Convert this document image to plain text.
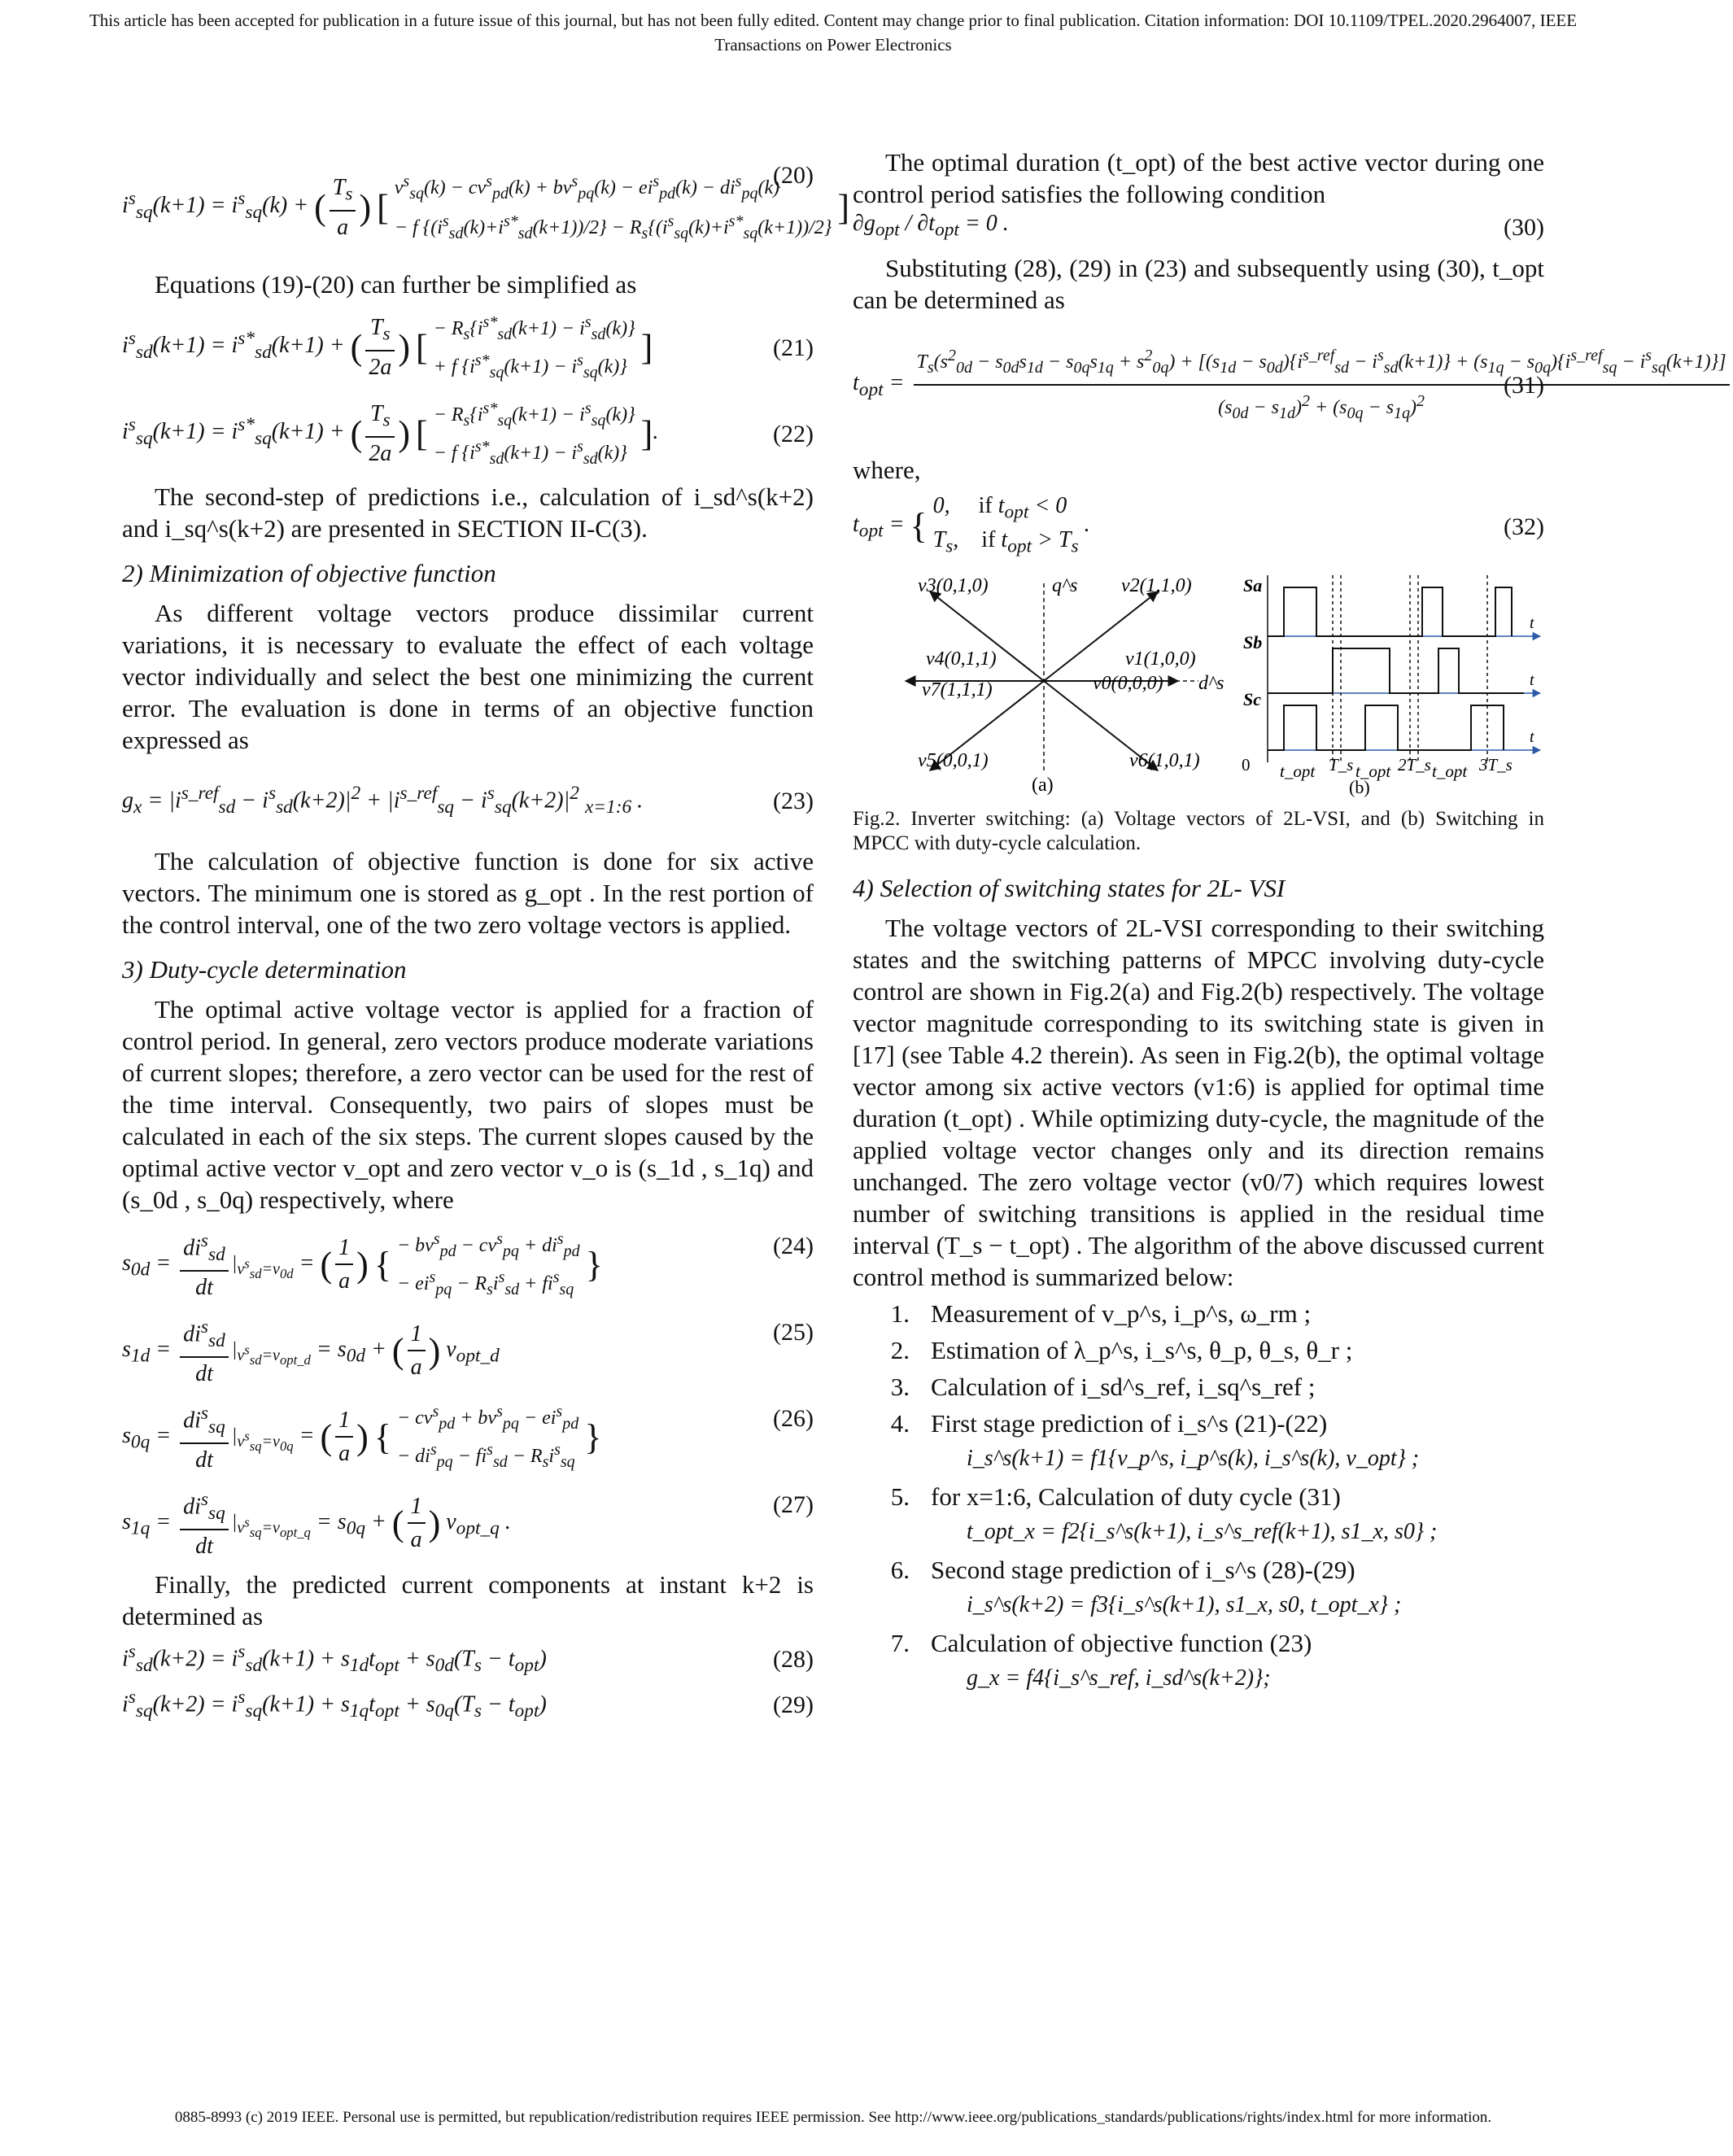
This article has been accepted for publication in a future issue of this journal, but has not been fully edited. Content may change prior to final publication. Citation information: DOI 10.1109/TPEL.2020.2964007, IEEE
Transactions on Power Electronics
$i^s_{sq}(k+1) = i^s_{sq}(k)$ + ( $\frac{T_s}{a}$ ) [ $v^s_{sq}(k) - cv^s_{pd}(k) + bv^s_{pq}(k) - ei^s_{pd}(k) - di^s_{pq}(k)$
− f $\{(i^s_{sd}(k)+i^{s*}_{sd}(k+1))/2\} - R_s\{(i^s_{sq}(k)+i^{s*}_{sq}(k+1))/2\}$
]
(20)

Equations (19)-(20) can further be simplified as

$i^s_{sd}(k+1) = i^{s*}_{sd}(k+1)$ + ( $\frac{T_s}{2a}$ ) [ − $R_s\{i^{s*}_{sd}(k+1) - i^s_{sd}(k)\}$
+ f $\{i^{s*}_{sq}(k+1) - i^s_{sq}(k)\}$ ]	(21)
$i^s_{sq}(k+1) = i^{s*}_{sq}(k+1)$ + ( $\frac{T_s}{2a}$ ) [ − $R_s\{i^{s*}_{sq}(k+1) - i^s_{sq}(k)\}$
− f $\{i^{s*}_{sd}(k+1) - i^s_{sd}(k)\}$ ].	(22)

The second-step of predictions i.e., calculation of i_sd^s(k+2) and i_sq^s(k+2) are presented in SECTION II-C(3).

2) Minimization of objective function

As different voltage vectors produce dissimilar current variations, it is necessary to evaluate the effect of each voltage vector individually and select the best one minimizing the current error. The evaluation is done in terms of an objective function expressed as

$g_x = |i^{s\_ref}_{sd} - i^s_{sd}(k+2)|^2 + |i^{s\_ref}_{sq} - i^s_{sq}(k+2)|^2$ $_{x=1:6}$ .	(23)

The calculation of objective function is done for six active vectors. The minimum one is stored as g_opt . In the rest portion of the control interval, one of the two zero voltage vectors is applied.

3) Duty-cycle determination

The optimal active voltage vector is applied for a fraction of control period. In general, zero vectors produce moderate variations of current slopes; therefore, a zero vector can be used for the rest of the time interval. Consequently, two pairs of slopes must be calculated in each of the six steps. The current slopes caused by the optimal active vector v_opt and zero vector v_o is (s_1d , s_1q) and (s_0d , s_0q) respectively, where

$s_{0d} = \frac{di^s_{sd}}{dt} |_{v^s_{sd}=v_{0d}}$ = ( $\frac{1}{a}$ ) { − $bv^s_{pd} - cv^s_{pq} + di^s_{pd}$
− $ei^s_{pq} - R_si^s_{sd} + fi^s_{sq}$
}	(24)
$s_{1d} = \frac{di^s_{sd}}{dt} |_{v^s_{sd}=v_{opt\_d}} = s_{0d}$ + ( $\frac{1}{a}$ ) $v_{opt\_d}$
(25)
$s_{0q} = \frac{di^s_{sq}}{dt} |_{v^s_{sq}=v_{0q}}$ = ( $\frac{1}{a}$ ) { − $cv^s_{pd} + bv^s_{pq} - ei^s_{pd}$
− $di^s_{pq} - fi^s_{sd} - R_si^s_{sq}$
}	(26)
$s_{1q} = \frac{di^s_{sq}}{dt} |_{v^s_{sq}=v_{opt\_q}} = s_{0q}$ + ( $\frac{1}{a}$ ) $v_{opt\_q}$ .
(27)

Finally, the predicted current components at instant k+2 is determined as

$i^s_{sd}(k+2) = i^s_{sd}(k+1) + s_{1d}t_{opt} + s_{0d}(T_s - t_{opt})$	(28)
$i^s_{sq}(k+2) = i^s_{sq}(k+1) + s_{1q}t_{opt} + s_{0q}(T_s - t_{opt})$	(29)

The optimal duration (t_opt) of the best active vector during one control period satisfies the following condition

$\partial g_{opt} / \partial t_{opt} = 0$ .	(30)

Substituting (28), (29) in (23) and subsequently using (30), t_opt can be determined as

$t_{opt}$ =
$T_s(s^2_{0d} - s_{0d}s_{1d} - s_{0q}s_{1q} + s^2_{0q}) + [(s_{1d} - s_{0d})\{i^{s\_ref}_{sd} - i^s_{sd}(k+1)\} + (s_{1q} - s_{0q})\{i^{s\_ref}_{sq} - i^s_{sq}(k+1)\}]$
$(s_{0d} - s_{1d})^2 + (s_{0q} - s_{1q})^2$
(31)
where,
$t_{opt}$ = {
0,     if $t_{opt} < 0$
$T_s$,    if $t_{opt} > T_s$
.	(32)
v3(0,1,0)	v2(1,1,0)
v4(0,1,1)	v1(1,0,0)
v7(1,1,1)	v0(0,0,0)
v5(0,0,1)	v6(1,0,1)
q^s
d^s
(a)
Sa
Sb
Sc
t
t
t
0 t_opt T_s t_opt 2T_s t_opt 3T_s
(b)
Fig.2. Inverter switching: (a) Voltage vectors of 2L-VSI, and (b) Switching in MPCC with duty-cycle calculation.
4) Selection of switching states for 2L- VSI

The voltage vectors of 2L-VSI corresponding to their switching states and the switching patterns of MPCC involving duty-cycle control are shown in Fig.2(a) and Fig.2(b) respectively. The voltage vector magnitude corresponding to its switching state is given in [17] (see Table 4.2 therein). As seen in Fig.2(b), the optimal voltage vector among six active vectors (v1:6) is applied for optimal time duration (t_opt) . While optimizing duty-cycle, the magnitude of the applied voltage vector changes only and its direction remains unchanged. The zero voltage vector (v0/7) which requires lowest number of switching transitions is applied in the residual time interval (T_s − t_opt) . The algorithm of the above discussed current control method is summarized below:

1. Measurement of v_p^s, i_p^s, ω_rm ;
2. Estimation of λ_p^s, i_s^s, θ_p, θ_s, θ_r ;
3. Calculation of i_sd^s_ref, i_sq^s_ref ;
4. First stage prediction of i_s^s (21)-(22)
i_s^s(k+1) = f1{v_p^s, i_p^s(k), i_s^s(k), v_opt} ;
5. for x=1:6, Calculation of duty cycle (31)
t_opt_x = f2{i_s^s(k+1), i_s^s_ref(k+1), s1_x, s0} ;
6. Second stage prediction of i_s^s (28)-(29)
i_s^s(k+2) = f3{i_s^s(k+1), s1_x, s0, t_opt_x} ;
7. Calculation of objective function (23)
g_x = f4{i_s^s_ref, i_sd^s(k+2)};
0885-8993 (c) 2019 IEEE. Personal use is permitted, but republication/redistribution requires IEEE permission. See http://www.ieee.org/publications_standards/publications/rights/index.html for more information.
